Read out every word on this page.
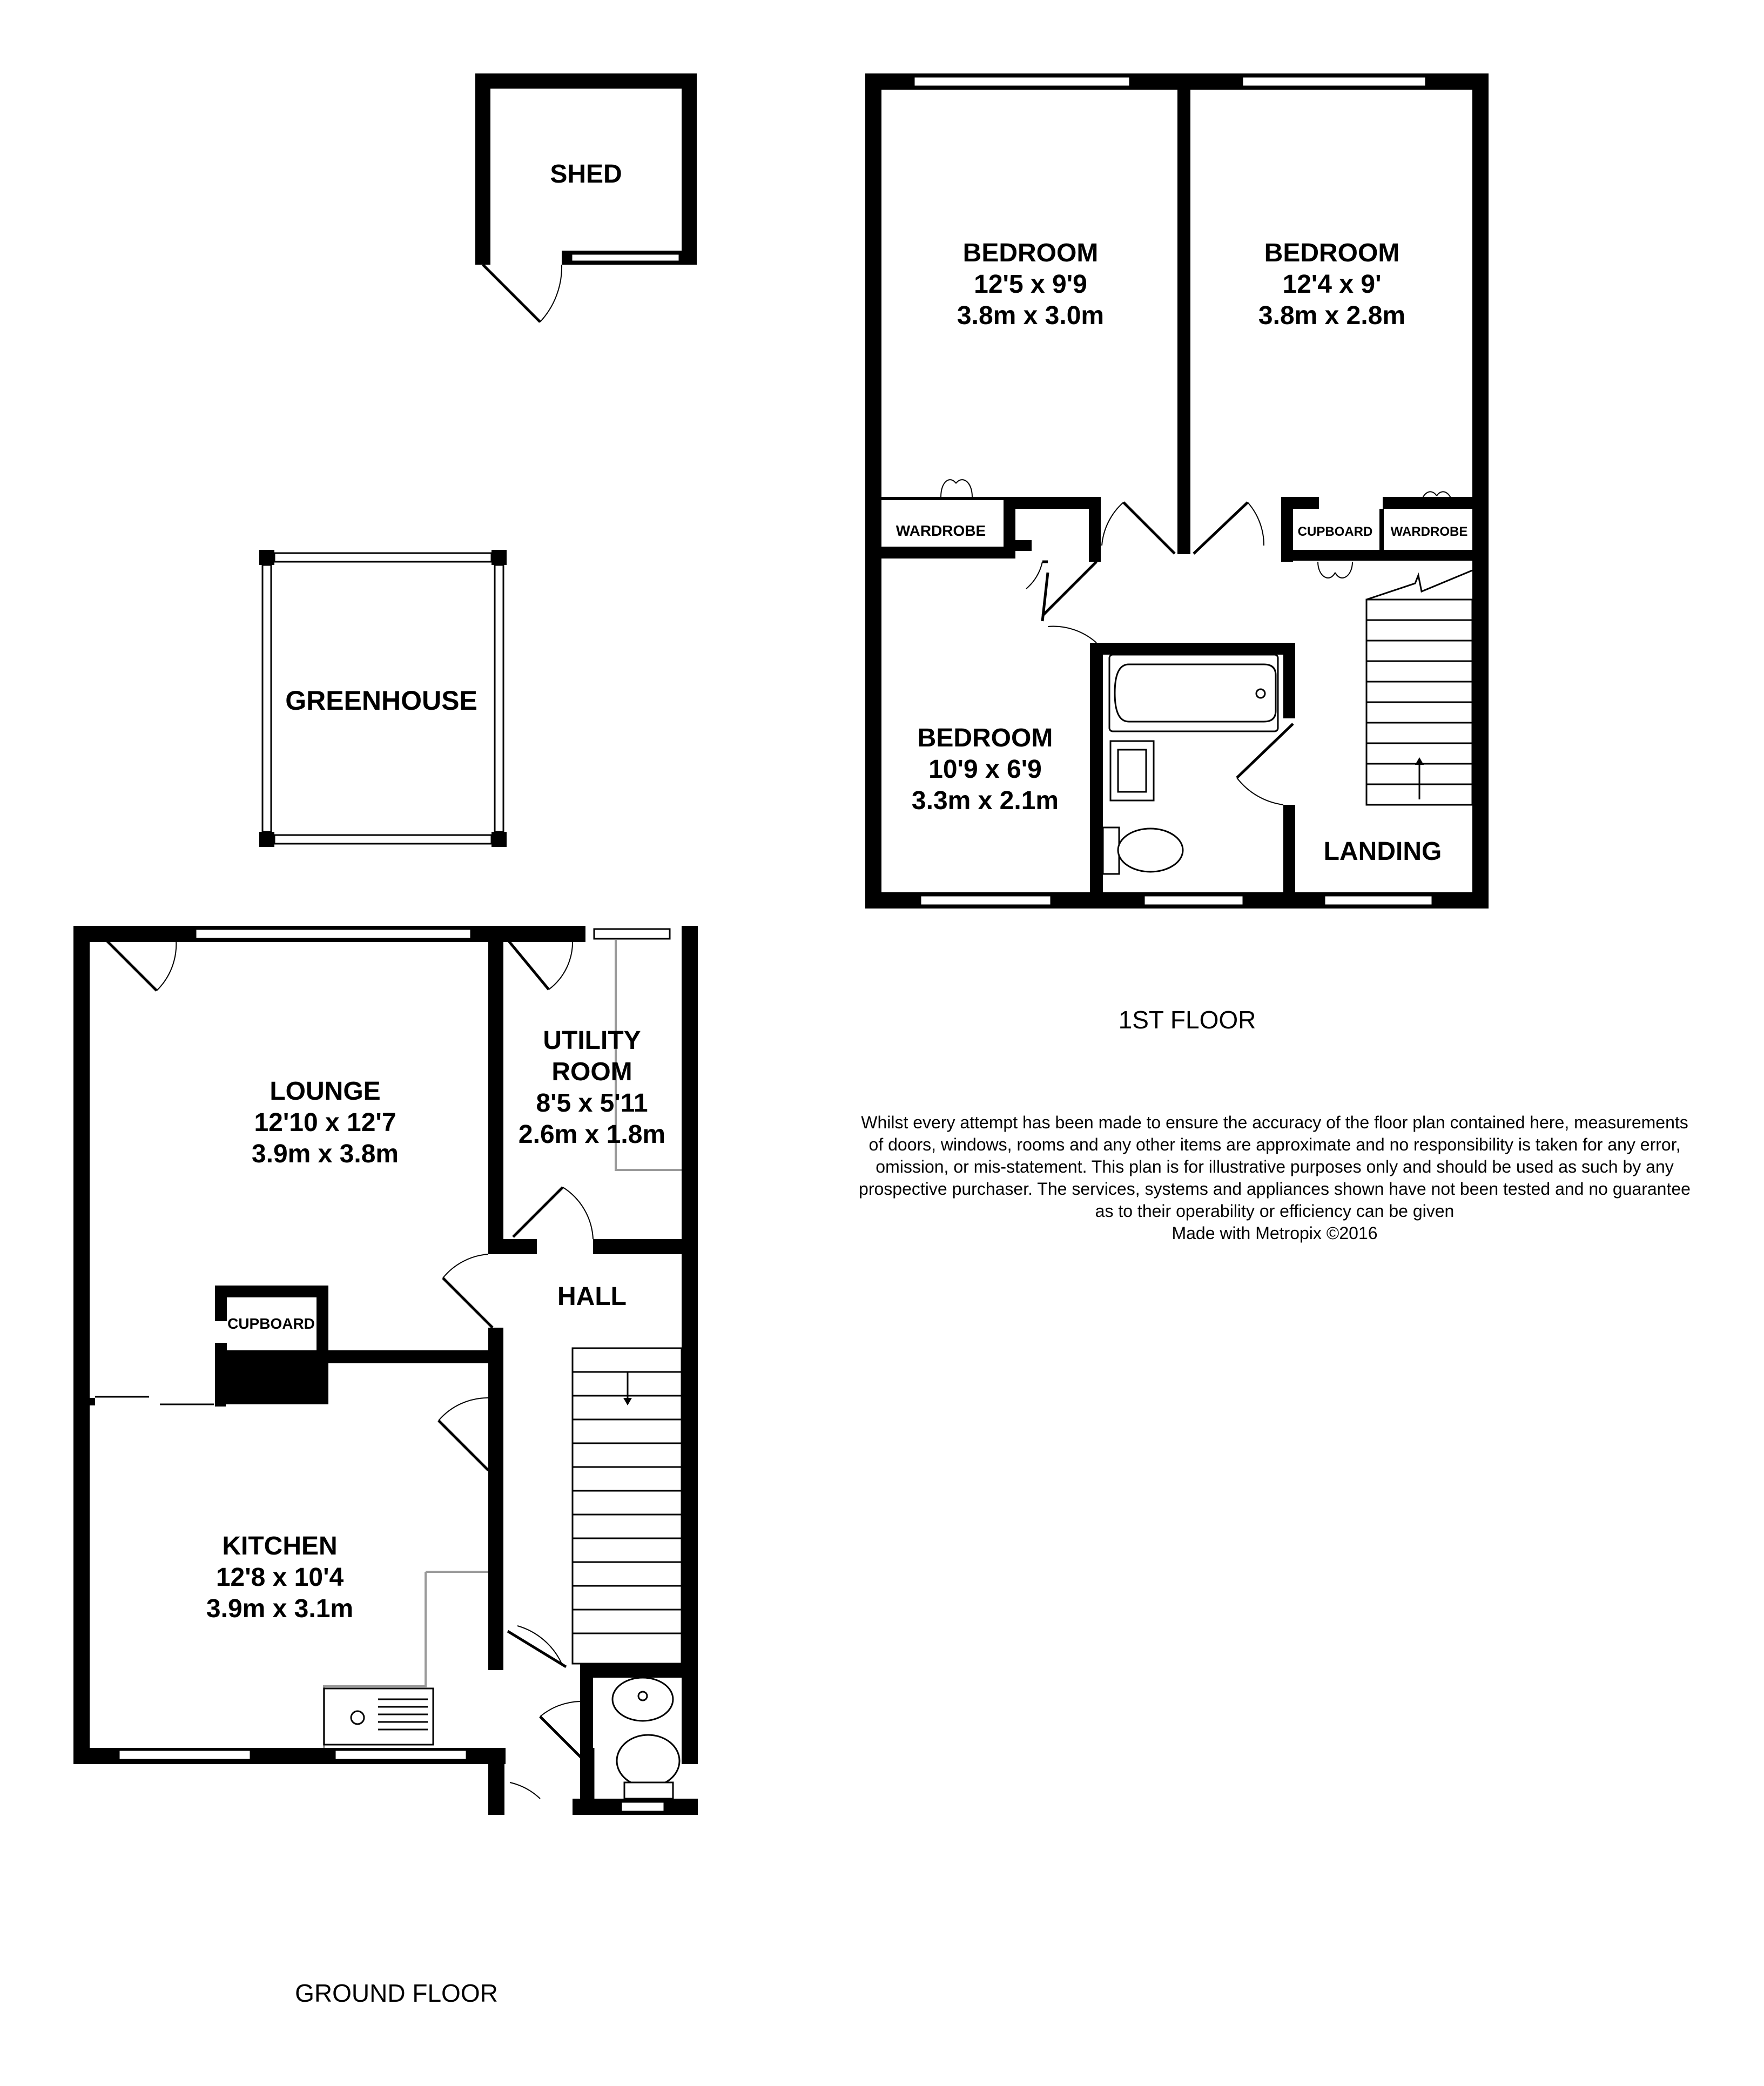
SHED
GREENHOUSE
BEDROOM
12'5 x 9'9
3.8m x 3.0m
BEDROOM
12'4 x 9'
3.8m x 2.8m
BEDROOM
10'9 x 6'9
3.3m x 2.1m
LANDING
WARDROBE	CUPBOARD WARDROBE
LOUNGE
12'10 x 12'7
3.9m x 3.8m
UTILITY
ROOM
8'5 x 5'11
2.6m x 1.8m
HALL
CUPBOARD
KITCHEN
12'8 x 10'4
3.9m x 3.1m
GROUND FLOOR
1ST FLOOR
Whilst every attempt has been made to ensure the accuracy of the floor plan contained here, measurements
of doors, windows, rooms and any other items are approximate and no responsibility is taken for any error,
omission, or mis-statement. This plan is for illustrative purposes only and should be used as such by any
prospective purchaser. The services, systems and appliances shown have not been tested and no guarantee
as to their operability or efficiency can be given
Made with Metropix ©2016
